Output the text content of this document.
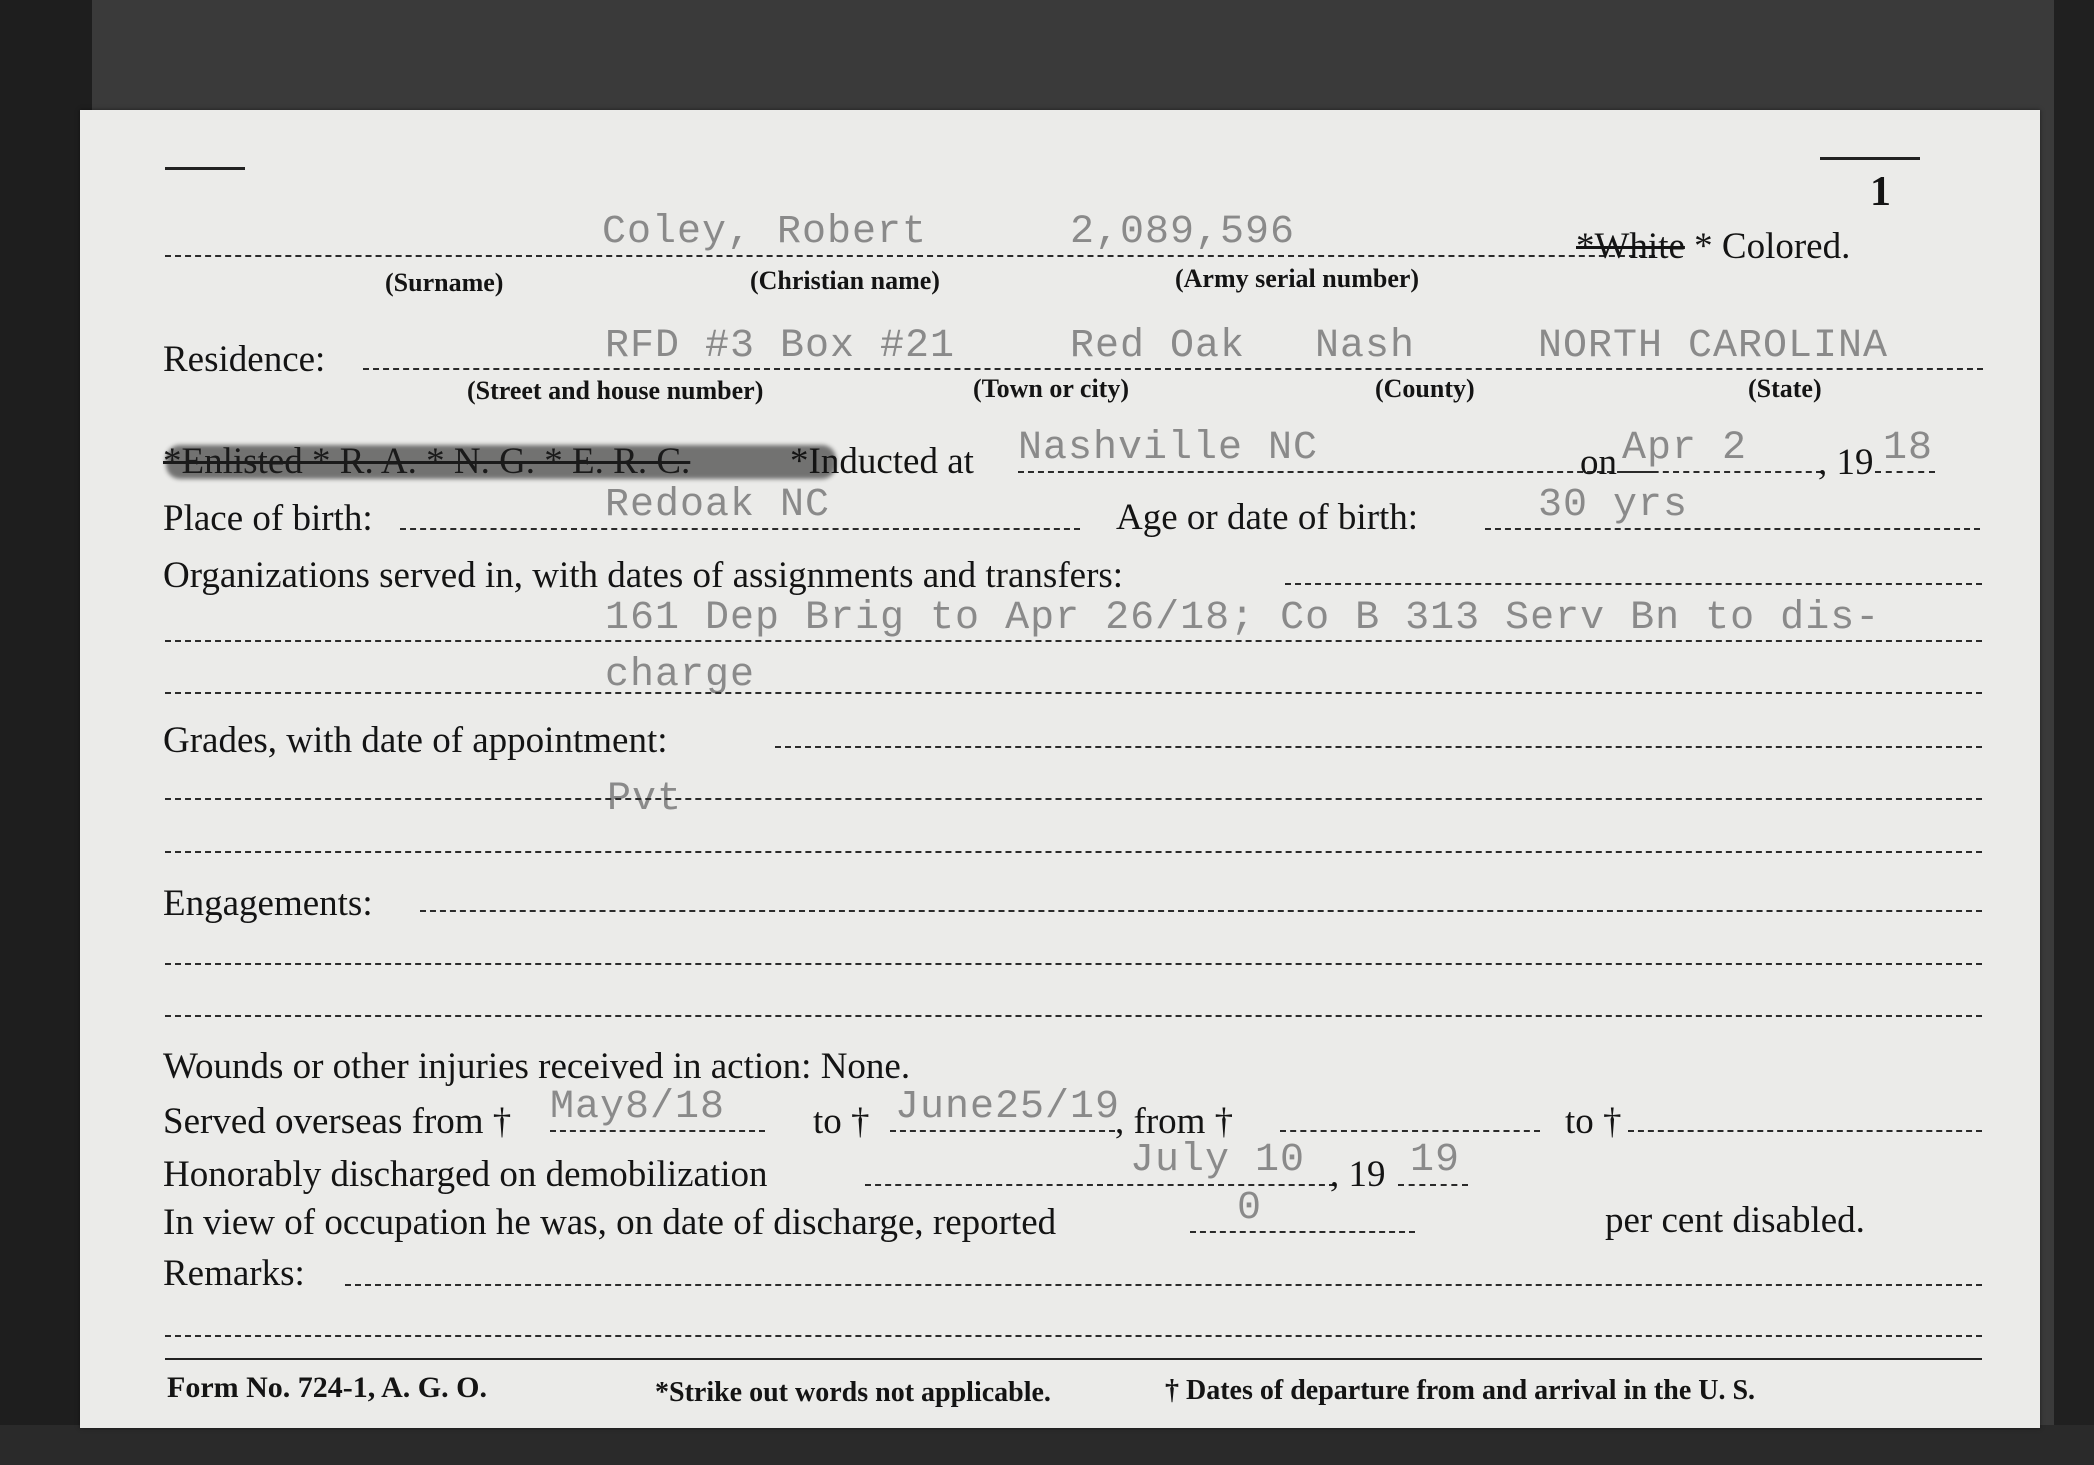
1
Coley, Robert	2,089,596	*White * Colored.
(Surname)	(Christian name)	(Army serial number)
Residence:	RFD #3 Box #21	Red Oak Nash	NORTH CAROLINA
(Street and house number)	(Town or city)	(County)	(State)
*Enlisted * R. A. * N. G. * E. R. C.	*Inducted at Nashville NC	on Apr 2 , 19 18
Place of birth:	Redoak NC	Age or date of birth:	30 yrs
Organizations served in, with dates of assignments and transfers:
161 Dep Brig to Apr 26/18; Co B 313 Serv Bn to dis-
charge
Grades, with date of appointment:
Pvt
Engagements:
Wounds or other injuries received in action: None.
Served overseas from † May8/18 to † June25/19
, from †	to †
Honorably discharged on demobilization	July 10 , 19 19
In view of occupation he was, on date of discharge, reported	0	per cent disabled.
Remarks:
Form No. 724-1, A. G. O.	*Strike out words not applicable.	† Dates of departure from and arrival in the U. S.
